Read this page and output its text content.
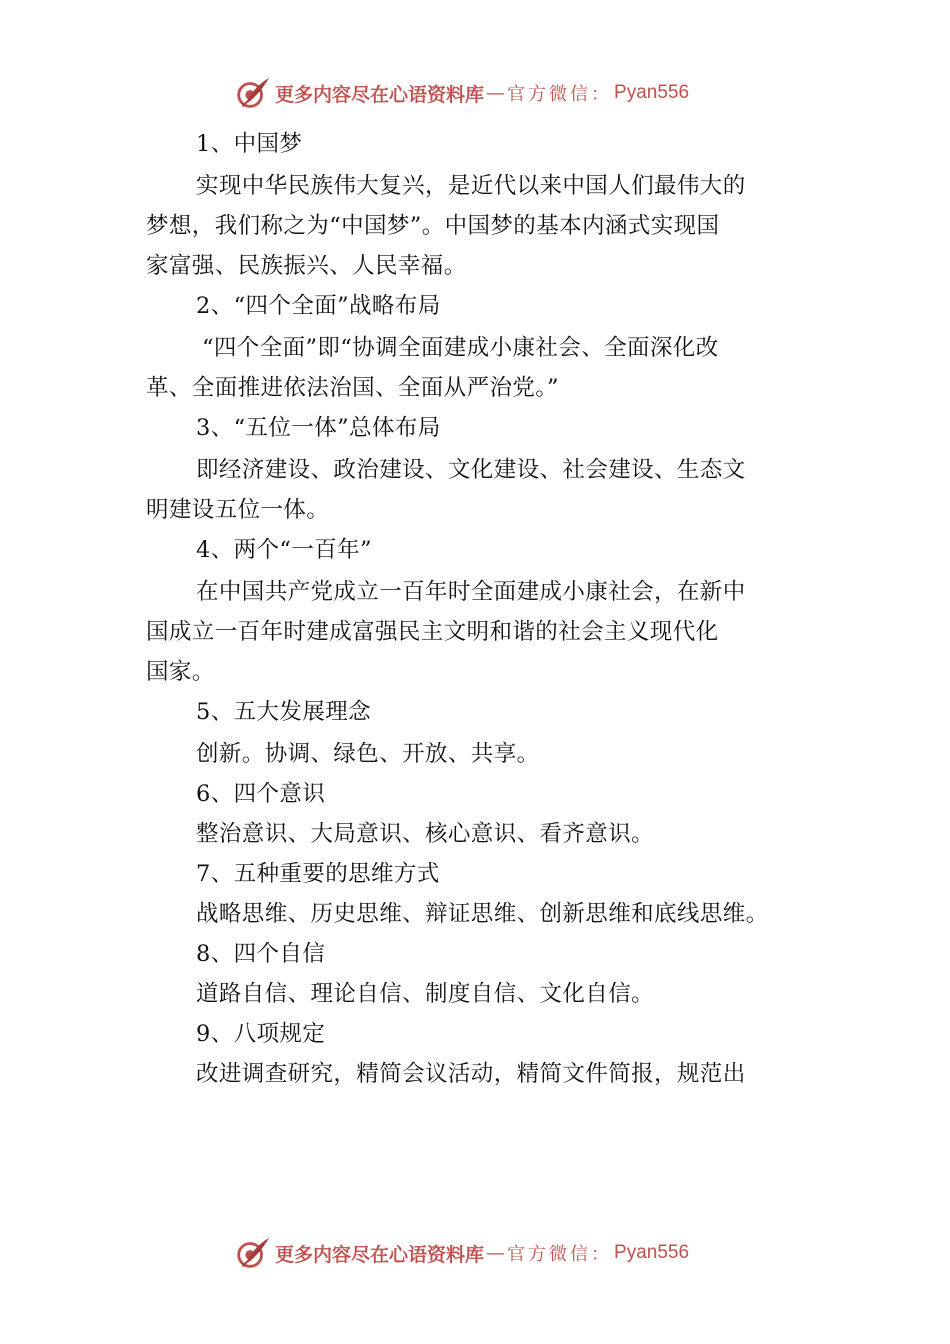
更多内容尽在心语资料库 — 官方微信： Pyan556
1、中国梦
实现中华民族伟大复兴，是近代以来中国人们最伟大的
梦想，我们称之为“中国梦”。中国梦的基本内涵式实现国
家富强、民族振兴、人民幸福。
2、“四个全面”战略布局
“四个全面”即“协调全面建成小康社会、全面深化改
革、全面推进依法治国、全面从严治党。”
3、“五位一体”总体布局
即经济建设、政治建设、文化建设、社会建设、生态文
明建设五位一体。
4、两个“一百年”
在中国共产党成立一百年时全面建成小康社会，在新中
国成立一百年时建成富强民主文明和谐的社会主义现代化
国家。
5、五大发展理念
创新。协调、绿色、开放、共享。
6、四个意识
整治意识、大局意识、核心意识、看齐意识。
7、五种重要的思维方式
战略思维、历史思维、辩证思维、创新思维和底线思维。
8、四个自信
道路自信、理论自信、制度自信、文化自信。
9、八项规定
改进调查研究，精简会议活动，精简文件简报，规范出
更多内容尽在心语资料库 — 官方微信： Pyan556
